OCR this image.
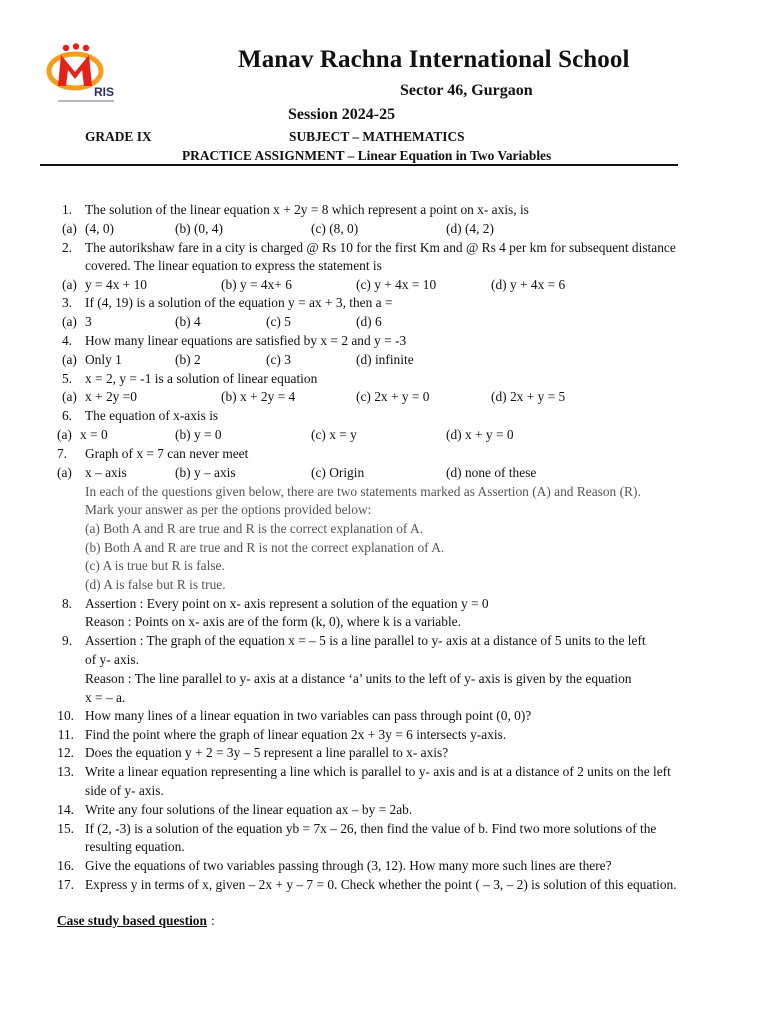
RIS
Manav Rachna International School
Sector 46, Gurgaon
Session 2024-25
GRADE IX	SUBJECT – MATHEMATICS
PRACTICE ASSIGNMENT – Linear Equation in Two Variables
1. The solution of the linear equation x + 2y = 8 which represent a point on x- axis, is
(a) (4, 0)	(b) (0, 4)	(c) (8, 0)	(d) (4, 2)
2. The autorikshaw fare in a city is charged @ Rs 10 for the first Km and @ Rs 4 per km for subsequent distance
covered. The linear equation to express the statement is
(a) y = 4x + 10	(b) y = 4x+ 6	(c) y + 4x = 10	(d) y + 4x = 6
3. If (4, 19) is a solution of the equation y = ax + 3, then a =
(a) 3	(b) 4	(c) 5	(d) 6
4. How many linear equations are satisfied by x = 2 and y = -3
(a) Only 1	(b) 2	(c) 3	(d) infinite
5. x = 2, y = -1 is a solution of linear equation
(a) x + 2y =0	(b) x + 2y = 4	(c) 2x + y = 0	(d) 2x + y = 5
6. The equation of x-axis is
(a) x = 0	(b) y = 0	(c) x = y	(d) x + y = 0
7. Graph of x = 7 can never meet
(a) x – axis	(b) y – axis	(c) Origin	(d) none of these
In each of the questions given below, there are two statements marked as Assertion (A) and Reason (R).
Mark your answer as per the options provided below:
(a) Both A and R are true and R is the correct explanation of A.
(b) Both A and R are true and R is not the correct explanation of A.
(c) A is true but R is false.
(d) A is false but R is true.
8. Assertion : Every point on x- axis represent a solution of the equation y = 0
Reason : Points on x- axis are of the form (k, 0), where k is a variable.
9. Assertion : The graph of the equation x = – 5 is a line parallel to y- axis at a distance of 5 units to the left
of y- axis.
Reason : The line parallel to y- axis at a distance ‘a’ units to the left of y- axis is given by the equation
x = – a.
10. How many lines of a linear equation in two variables can pass through point (0, 0)?
11. Find the point where the graph of linear equation 2x + 3y = 6 intersects y-axis.
12. Does the equation y + 2 = 3y – 5 represent a line parallel to x- axis?
13. Write a linear equation representing a line which is parallel to y- axis and is at a distance of 2 units on the left
side of y- axis.
14. Write any four solutions of the linear equation ax – by = 2ab.
15. If (2, -3) is a solution of the equation yb = 7x – 26, then find the value of b. Find two more solutions of the
resulting equation.
16. Give the equations of two variables passing through (3, 12). How many more such lines are there?
17. Express y in terms of x, given – 2x + y – 7 = 0. Check whether the point ( – 3, – 2) is solution of this equation.
Case study based question :
